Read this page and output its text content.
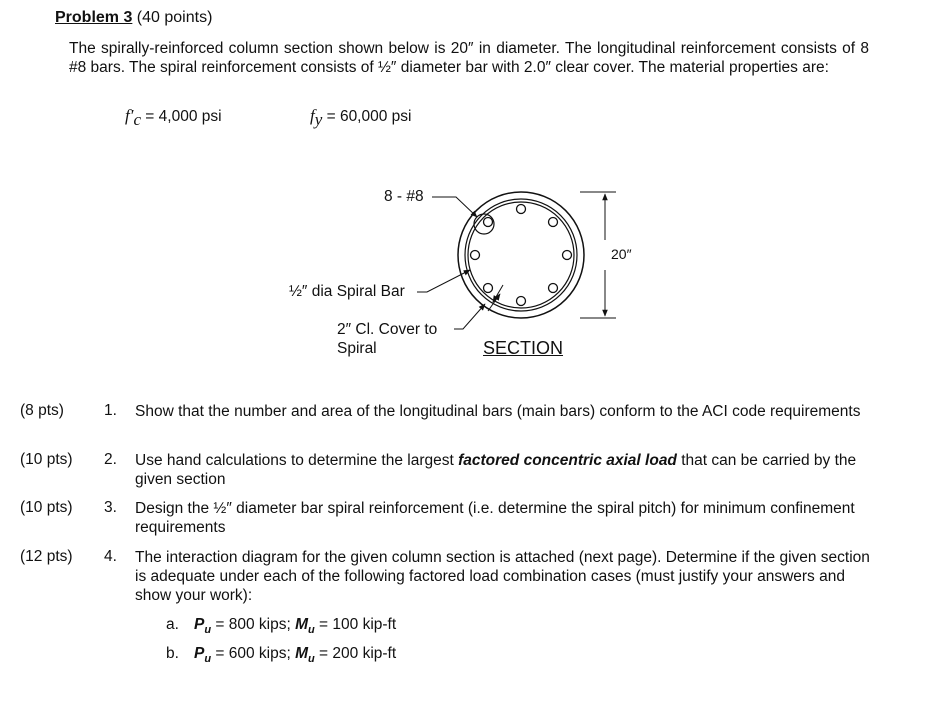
Problem 3 (40 points)
The spirally-reinforced column section shown below is 20″ in diameter. The longitudinal reinforcement consists of 8 #8 bars. The spiral reinforcement consists of ½″ diameter bar with 2.0″ clear cover. The material properties are:
$f'_c = 4,000$ psi	$f_y = 60,000$ psi
8 - #8
½″ dia Spiral Bar
2″ Cl. Cover to
Spiral
20″
SECTION
(8 pts)	1. Show that the number and area of the longitudinal bars (main bars) conform to the ACI code requirements
(10 pts)	2. Use hand calculations to determine the largest factored concentric axial load that can be carried by the given section
(10 pts)	3. Design the ½″ diameter bar spiral reinforcement (i.e. determine the spiral pitch) for minimum confinement requirements
(12 pts)	4. The interaction diagram for the given column section is attached (next page). Determine if the given section is adequate under each of the following factored load combination cases (must justify your answers and show your work):
a. $P_u = 800$ kips; $M_u = 100$ kip-ft
b. $P_u = 600$ kips; $M_u = 200$ kip-ft
